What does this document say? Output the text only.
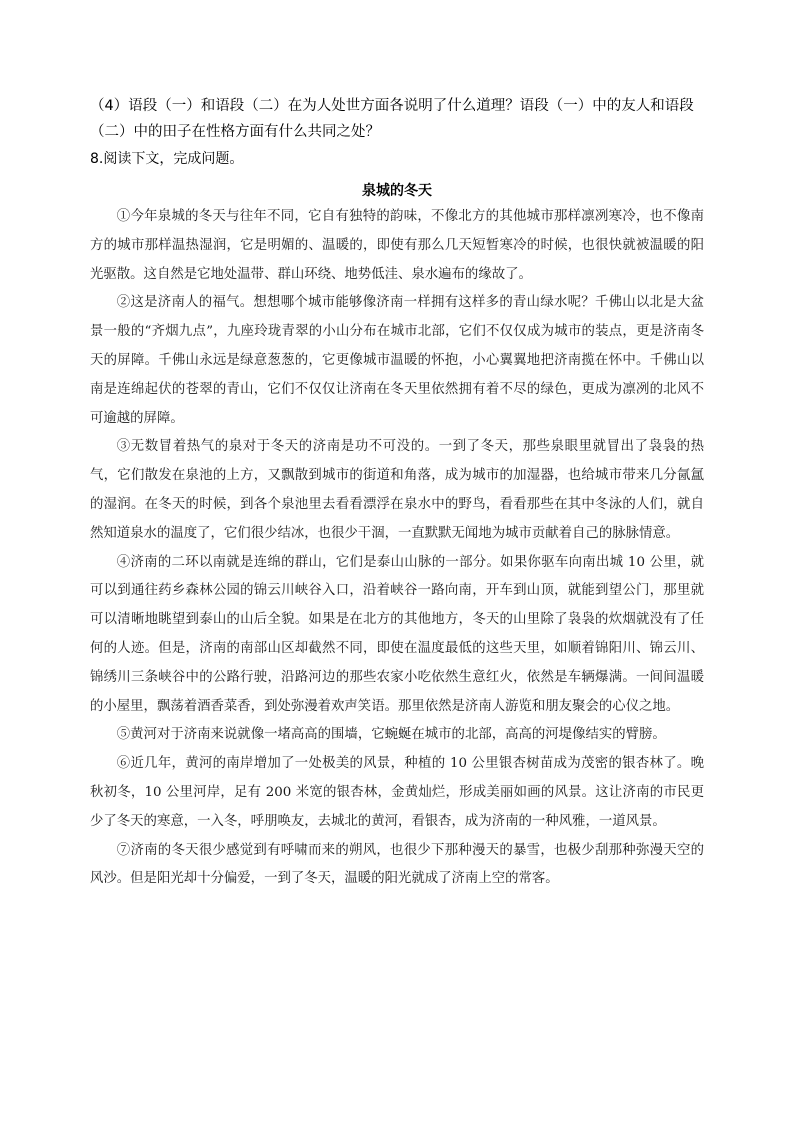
（4）语段（一）和语段（二）在为人处世方面各说明了什么道理？语段（一）中的友人和语段（二）中的田子在性格方面有什么共同之处？

8.阅读下文，完成问题。

泉城的冬天

①今年泉城的冬天与往年不同，它自有独特的韵味，不像北方的其他城市那样凛冽寒冷，也不像南方的城市那样温热湿润，它是明媚的、温暖的，即使有那么几天短暂寒冷的时候，也很快就被温暖的阳光驱散。这自然是它地处温带、群山环绕、地势低洼、泉水遍布的缘故了。

②这是济南人的福气。想想哪个城市能够像济南一样拥有这样多的青山绿水呢？千佛山以北是大盆景一般的“齐烟九点”，九座玲珑青翠的小山分布在城市北部，它们不仅仅成为城市的装点，更是济南冬天的屏障。千佛山永远是绿意葱葱的，它更像城市温暖的怀抱，小心翼翼地把济南揽在怀中。千佛山以南是连绵起伏的苍翠的青山，它们不仅仅让济南在冬天里依然拥有着不尽的绿色，更成为凛冽的北风不可逾越的屏障。

③无数冒着热气的泉对于冬天的济南是功不可没的。一到了冬天，那些泉眼里就冒出了袅袅的热气，它们散发在泉池的上方，又飘散到城市的街道和角落，成为城市的加湿器，也给城市带来几分氤氲的湿润。在冬天的时候，到各个泉池里去看看漂浮在泉水中的野鸟，看看那些在其中冬泳的人们，就自然知道泉水的温度了，它们很少结冰，也很少干涸，一直默默无闻地为城市贡献着自己的脉脉情意。

④济南的二环以南就是连绵的群山，它们是泰山山脉的一部分。如果你驱车向南出城 10 公里，就可以到通往药乡森林公园的锦云川峡谷入口，沿着峡谷一路向南，开车到山顶，就能到望公门，那里就可以清晰地眺望到泰山的山后全貌。如果是在北方的其他地方，冬天的山里除了袅袅的炊烟就没有了任何的人迹。但是，济南的南部山区却截然不同，即使在温度最低的这些天里，如顺着锦阳川、锦云川、锦绣川三条峡谷中的公路行驶，沿路河边的那些农家小吃依然生意红火，依然是车辆爆满。一间间温暖的小屋里，飘荡着酒香菜香，到处弥漫着欢声笑语。那里依然是济南人游览和朋友聚会的心仪之地。

⑤黄河对于济南来说就像一堵高高的围墙，它蜿蜒在城市的北部，高高的河堤像结实的臂膀。

⑥近几年，黄河的南岸增加了一处极美的风景，种植的 10 公里银杏树苗成为茂密的银杏林了。晚秋初冬，10 公里河岸，足有 200 米宽的银杏林，金黄灿烂，形成美丽如画的风景。这让济南的市民更少了冬天的寒意，一入冬，呼朋唤友，去城北的黄河，看银杏，成为济南的一种风雅，一道风景。

⑦济南的冬天很少感觉到有呼啸而来的朔风，也很少下那种漫天的暴雪，也极少刮那种弥漫天空的风沙。但是阳光却十分偏爱，一到了冬天，温暖的阳光就成了济南上空的常客。
